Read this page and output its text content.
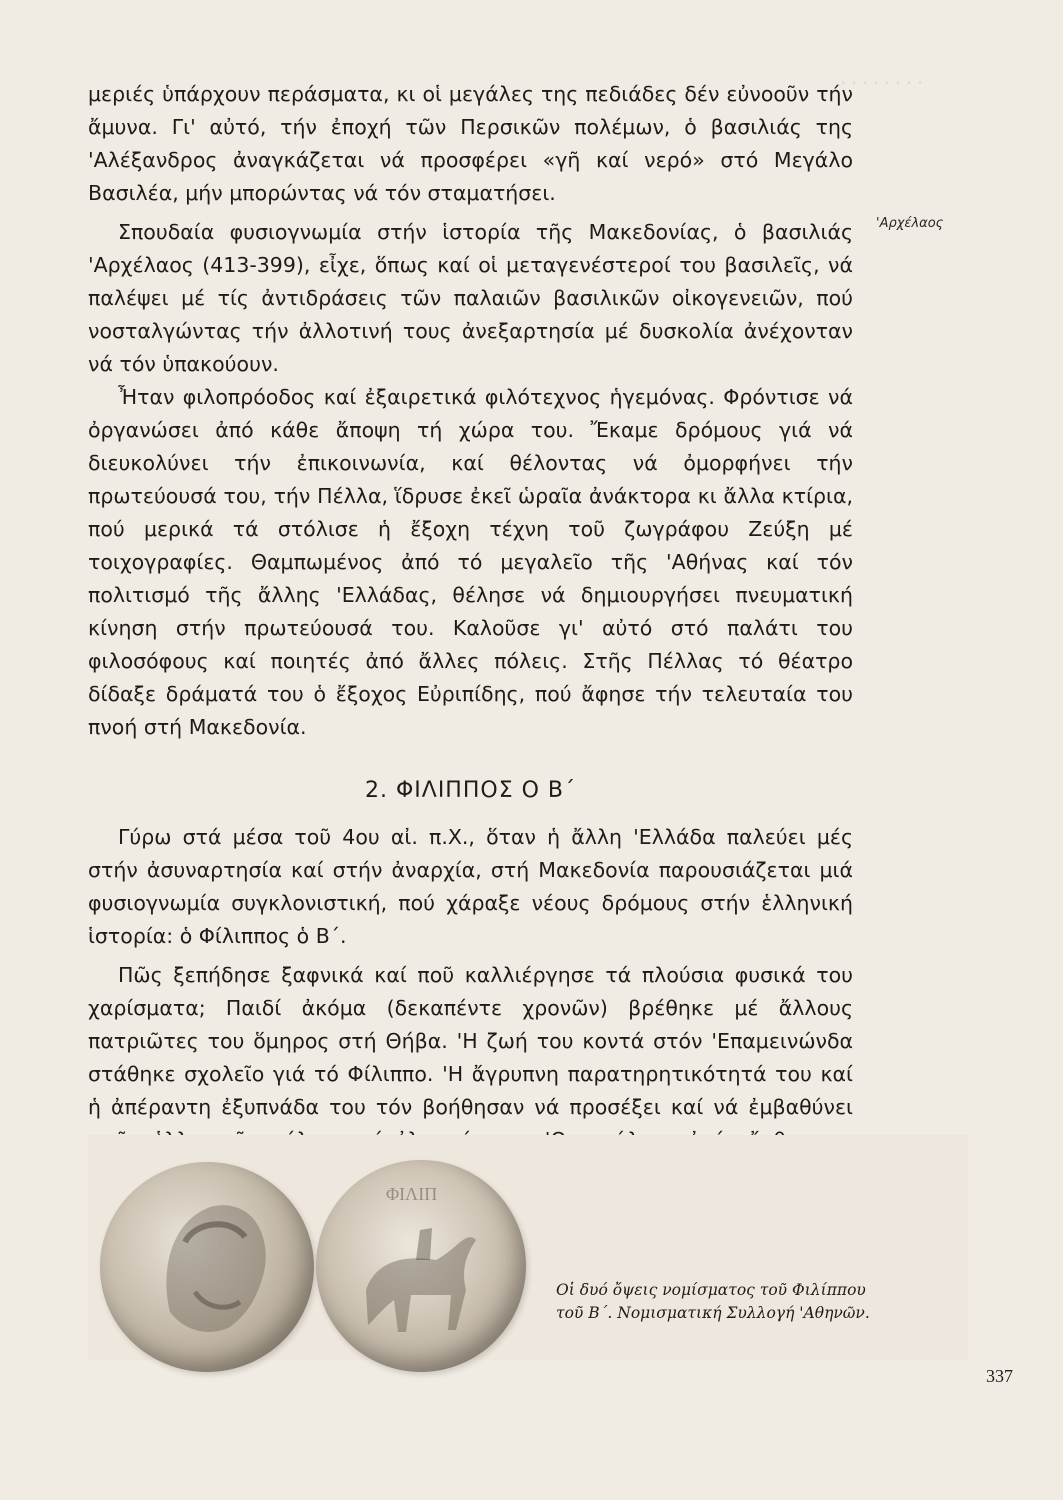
· · · · · · · ·

μεριές ὑπάρχουν περάσματα, κι οἱ μεγάλες της πεδιάδες δέν εὐνοοῦν τήν ἄμυνα. Γι' αὐτό, τήν ἐποχή τῶν Περσικῶν πολέμων, ὁ βασιλιάς της 'Αλέξανδρος ἀναγκάζεται νά προσφέρει «γῆ καί νερό» στό Μεγάλο Βασιλέα, μήν μπορώντας νά τόν σταματήσει.

Σπουδαία φυσιογνωμία στήν ἱστορία τῆς Μακεδονίας, ὁ βασιλιάς 'Αρχέλαος (413-399), εἶχε, ὅπως καί οἱ μεταγενέστεροί του βασιλεῖς, νά παλέψει μέ τίς ἀντιδράσεις τῶν παλαιῶν βασιλικῶν οἰκογενειῶν, πού νοσταλγώντας τήν ἀλλοτινή τους ἀνεξαρτησία μέ δυσκολία ἀνέχονταν νά τόν ὑπακούουν.

Ἦταν φιλοπρόοδος καί ἐξαιρετικά φιλότεχνος ἡγεμόνας. Φρόντισε νά ὀργανώσει ἀπό κάθε ἄποψη τή χώρα του. Ἔκαμε δρόμους γιά νά διευκολύνει τήν ἐπικοινωνία, καί θέλοντας νά ὀμορφήνει τήν πρωτεύουσά του, τήν Πέλλα, ἵδρυσε ἐκεῖ ὡραῖα ἀνάκτορα κι ἄλλα κτίρια, πού μερικά τά στόλισε ἡ ἔξοχη τέχνη τοῦ ζωγράφου Ζεύξη μέ τοιχογραφίες. Θαμπωμένος ἀπό τό μεγαλεῖο τῆς 'Αθήνας καί τόν πολιτισμό τῆς ἄλλης 'Ελλάδας, θέλησε νά δημιουργήσει πνευματική κίνηση στήν πρωτεύουσά του. Καλοῦσε γι' αὐτό στό παλάτι του φιλοσόφους καί ποιητές ἀπό ἄλλες πόλεις. Στῆς Πέλλας τό θέατρο δίδαξε δράματά του ὁ ἔξοχος Εὐριπίδης, πού ἄφησε τήν τελευταία του πνοή στή Μακεδονία.

2. ΦΙΛΙΠΠΟΣ Ο Β΄

Γύρω στά μέσα τοῦ 4ου αἰ. π.Χ., ὅταν ἡ ἄλλη 'Ελλάδα παλεύει μές στήν ἀσυναρτησία καί στήν ἀναρχία, στή Μακεδονία παρουσιάζεται μιά φυσιογνωμία συγκλονιστική, πού χάραξε νέους δρόμους στήν ἑλληνική ἱστορία: ὁ Φίλιππος ὁ Β΄.

Πῶς ξεπήδησε ξαφνικά καί ποῦ καλλιέργησε τά πλούσια φυσικά του χαρίσματα; Παιδί ἀκόμα (δεκαπέντε χρονῶν) βρέθηκε μέ ἄλλους πατριῶτες του ὅμηρος στή Θήβα. 'Η ζωή του κοντά στόν 'Επαμεινώνδα στάθηκε σχολεῖο γιά τό Φίλιππο. 'Η ἄγρυπνη παρατηρητικότητά του καί ἡ ἀπέραντη ἐξυπνάδα του τόν βοήθησαν νά προσέξει καί νά ἐμβαθύνει

'Αρχέλαος
ΦΙΛΙΠ
Οἱ δυό ὄψεις νομίσματος τοῦ Φιλίππου τοῦ Β΄. Νομισματική Συλλογή 'Αθηνῶν.
337
